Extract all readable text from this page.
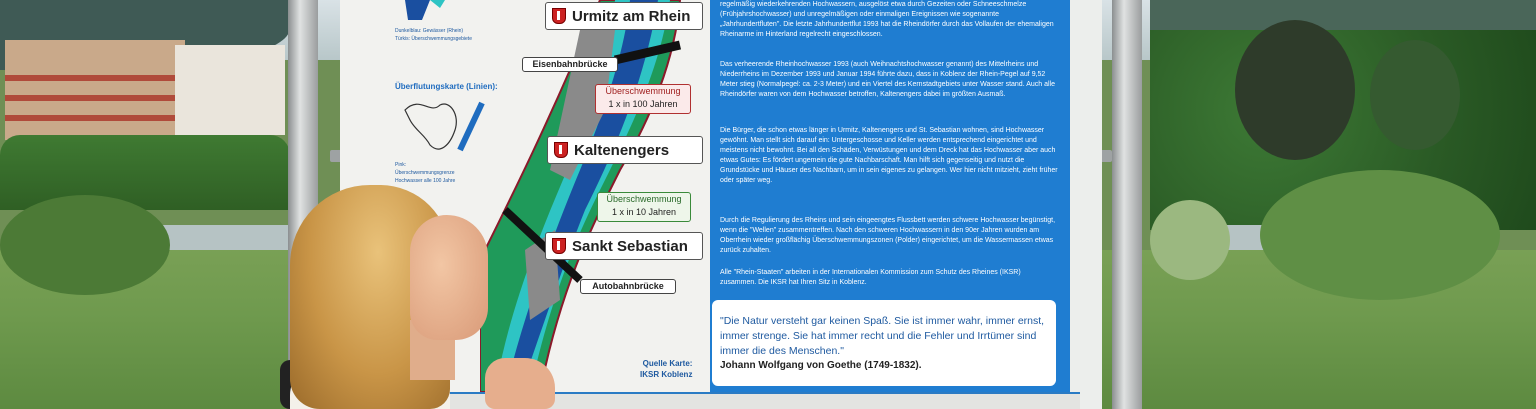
Dunkelblau: Gewässer (Rhein)
Türkis: Überschwemmungsgebiete
Überflutungskarte (Linien):
Pink:
Überschwemmungsgrenze
Hochwasser alle 100 Jahre
Urmitz am Rhein
Eisenbahnbrücke
Überschwemmung
1 x in 100 Jahren
Kaltenengers
Überschwemmung
1 x in 10 Jahren
Sankt Sebastian
Autobahnbrücke
Quelle Karte:
IKSR Koblenz
regelmäßig wiederkehrenden Hochwassern, ausgelöst etwa durch Gezeiten oder Schneeschmelze (Frühjahrshochwasser) und unregelmäßigen oder einmaligen Ereignissen wie sogenannte „Jahrhundertfluten". Die letzte Jahrhundertflut 1993 hat die Rheindörfer durch das Vollaufen der ehemaligen Rheinarme im Hinterland regelrecht eingeschlossen.
Das verheerende Rheinhochwasser 1993 (auch Weihnachtshochwasser genannt) des Mittelrheins und Niederrheins im Dezember 1993 und Januar 1994 führte dazu, dass in Koblenz der Rhein-Pegel auf 9,52 Meter stieg (Normalpegel: ca. 2-3 Meter) und ein Viertel des Kernstadtgebiets unter Wasser stand. Auch alle Rheindörfer waren von dem Hochwasser betroffen, Kaltenengers dabei im größten Ausmaß.
Die Bürger, die schon etwas länger in Urmitz, Kaltenengers und St. Sebastian wohnen, sind Hochwasser gewöhnt. Man stellt sich darauf ein: Untergeschosse und Keller werden entsprechend eingerichtet und meistens nicht bewohnt. Bei all den Schäden, Verwüstungen und dem Dreck hat das Hochwasser aber auch etwas Gutes: Es fördert ungemein die gute Nachbarschaft. Man hilft sich gegenseitig und nutzt die Grundstücke und Häuser des Nachbarn, um in sein eigenes zu gelangen. Wer hier nicht mitzieht, zieht früher oder später weg.
Durch die Regulierung des Rheins und sein eingeengtes Flussbett werden schwere Hochwasser begünstigt, wenn die "Wellen" zusammentreffen. Nach den schweren Hochwassern in den 90er Jahren wurden am Oberrhein wieder großflächig Überschwemmungszonen (Polder) eingerichtet, um die Wassermassen etwas zurück zuhalten.
Alle "Rhein-Staaten" arbeiten in der Internationalen Kommission zum Schutz des Rheines (IKSR) zusammen. Die IKSR hat Ihren Sitz in Koblenz.
"Die Natur versteht gar keinen Spaß. Sie ist immer wahr, immer ernst, immer strenge. Sie hat immer recht und die Fehler und Irrtümer sind immer die des Menschen."
Johann Wolfgang von Goethe (1749-1832).
